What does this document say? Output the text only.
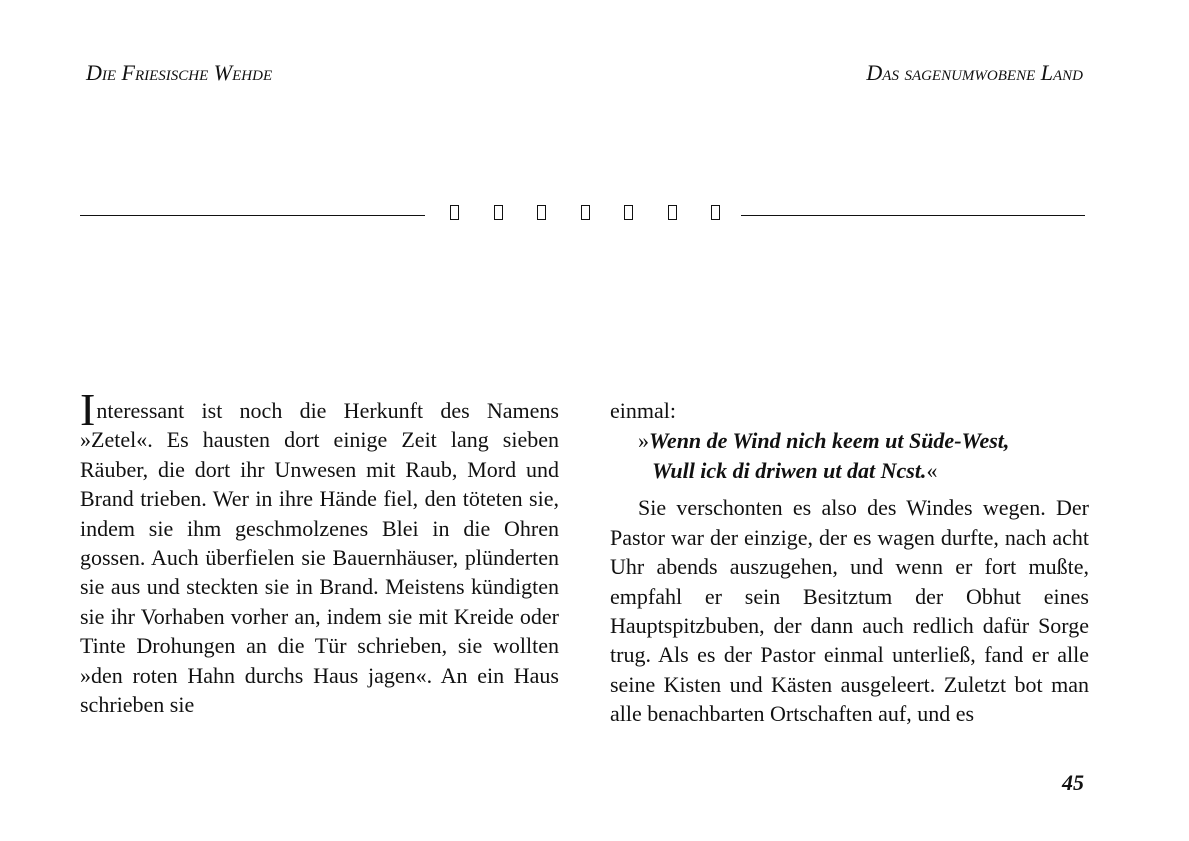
Die Friesische Wehde	Das sagenumwobene Land

Interessant ist noch die Herkunft des Namens »Zetel«. Es hausten dort einige Zeit lang sieben Räuber, die dort ihr Unwesen mit Raub, Mord und Brand trieben. Wer in ihre Hände fiel, den töteten sie, indem sie ihm geschmolzenes Blei in die Ohren gossen. Auch überfielen sie Bauernhäuser, plünderten sie aus und steckten sie in Brand. Meistens kündigten sie ihr Vorhaben vorher an, indem sie mit Kreide oder Tinte Drohungen an die Tür schrieben, sie wollten »den roten Hahn durchs Haus jagen«. An ein Haus schrieben sie

einmal:

»Wenn de Wind nich keem ut Süde-West,
Wull ick di driwen ut dat Ncst.«

Sie verschonten es also des Windes wegen. Der Pastor war der einzige, der es wagen durfte, nach acht Uhr abends auszugehen, und wenn er fort mußte, empfahl er sein Besitztum der Obhut eines Hauptspitzbuben, der dann auch redlich dafür Sorge trug. Als es der Pastor einmal unterließ, fand er alle seine Kisten und Kästen ausgeleert. Zuletzt bot man alle benachbarten Ortschaften auf, und es

45
